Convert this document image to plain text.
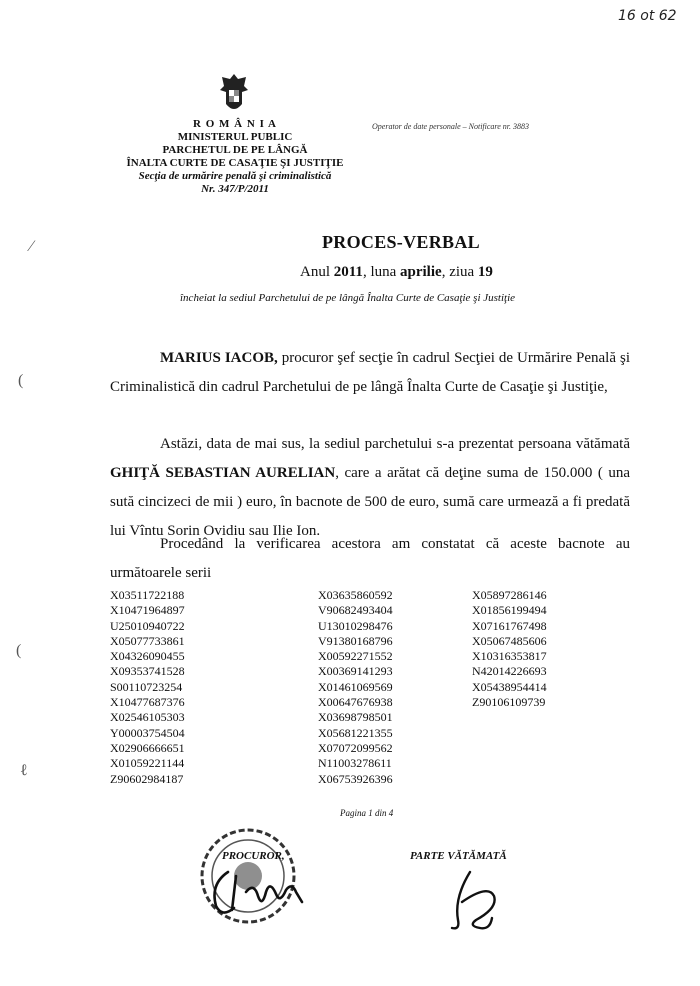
16 ot 62
R O M Â N I A
MINISTERUL PUBLIC
PARCHETUL DE PE LÂNGĂ
ÎNALTA CURTE DE CASAŢIE ŞI JUSTIŢIE
Secţia de urmărire penală şi criminalistică
Nr. 347/P/2011
Operator de date personale – Notificare nr. 3883
PROCES-VERBAL
Anul 2011, luna aprilie, ziua 19
încheiat la sediul Parchetului de pe lângă Înalta Curte de Casaţie şi Justiţie
⁄
(
(
ℓ
MARIUS IACOB, procuror şef secţie în cadrul Secţiei de Urmărire Penală şi Criminalistică din cadrul Parchetului de pe lângă Înalta Curte de Casaţie şi Justiţie,
Astăzi, data de mai sus, la sediul parchetului s-a prezentat persoana vătămată GHIŢĂ SEBASTIAN AURELIAN, care a arătat că deţine suma de 150.000 ( una sută cincizeci de mii ) euro, în bacnote de 500 de euro, sumă care urmează a fi predată lui Vîntu Sorin Ovidiu sau Ilie Ion.
Procedând la verificarea acestora am constatat că aceste bacnote au următoarele serii
X03511722188
X10471964897
U25010940722
X05077733861
X04326090455
X09353741528
S00110723254
X10477687376
X02546105303
Y00003754504
X02906666651
X01059221144
Z90602984187
X03635860592
V90682493404
U13010298476
V91380168796
X00592271552
X00369141293
X01461069569
X00647676938
X03698798501
X05681221355
X07072099562
N11003278611
X06753926396
X05897286146
X01856199494
X07161767498
X05067485606
X10316353817
N42014226693
X05438954414
Z90106109739
Pagina 1 din 4
PROCUROR,	PARTE VĂTĂMATĂ
